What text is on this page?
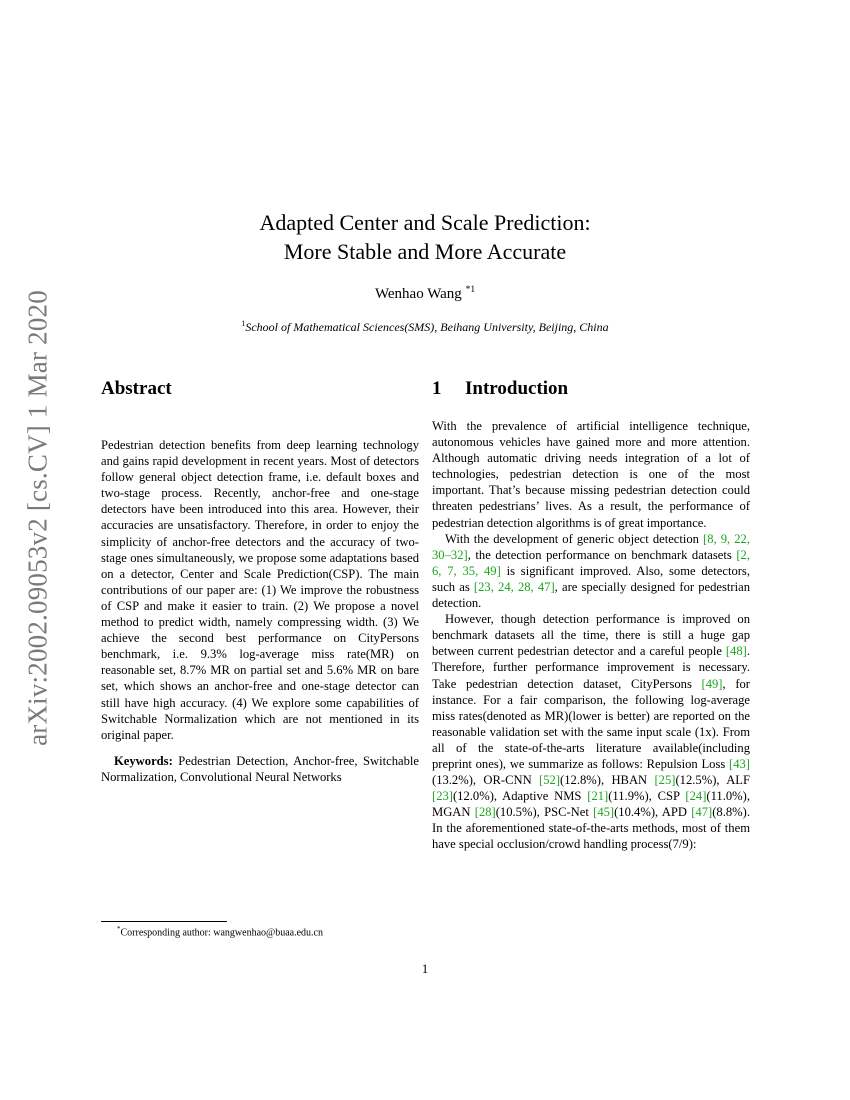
arXiv:2002.09053v2 [cs.CV] 1 Mar 2020
Adapted Center and Scale Prediction:
More Stable and More Accurate
Wenhao Wang $^{*1}$
$^1$School of Mathematical Sciences(SMS), Beihang University, Beijing, China
Abstract	1 Introduction

Pedestrian detection benefits from deep learning technology and gains rapid development in recent years. Most of detectors follow general object detection frame, i.e. default boxes and two-stage process. Recently, anchor-free and one-stage detectors have been introduced into this area. However, their accuracies are unsatisfactory. Therefore, in order to enjoy the simplicity of anchor-free detectors and the accuracy of two-stage ones simultaneously, we propose some adaptations based on a detector, Center and Scale Prediction(CSP). The main contributions of our paper are: (1) We improve the robustness of CSP and make it easier to train. (2) We propose a novel method to predict width, namely compressing width. (3) We achieve the second best performance on CityPersons benchmark, i.e. 9.3% log-average miss rate(MR) on reasonable set, 8.7% MR on partial set and 5.6% MR on bare set, which shows an anchor-free and one-stage detector can still have high accuracy. (4) We explore some capabilities of Switchable Normalization which are not mentioned in its original paper.

Keywords: Pedestrian Detection, Anchor-free, Switchable Normalization, Convolutional Neural Networks

With the prevalence of artificial intelligence technique, autonomous vehicles have gained more and more attention. Although automatic driving needs integration of a lot of technologies, pedestrian detection is one of the most important. That’s because missing pedestrian detection could threaten pedestrians’ lives. As a result, the performance of pedestrian detection algorithms is of great importance.

With the development of generic object detection [8, 9, 22, 30–32], the detection performance on benchmark datasets [2, 6, 7, 35, 49] is significant improved. Also, some detectors, such as [23, 24, 28, 47], are specially designed for pedestrian detection.

However, though detection performance is improved on benchmark datasets all the time, there is still a huge gap between current pedestrian detector and a careful people [48]. Therefore, further performance improvement is necessary. Take pedestrian detection dataset, CityPersons [49], for instance. For a fair comparison, the following log-average miss rates(denoted as MR)(lower is better) are reported on the reasonable validation set with the same input scale (1x). From all of the state-of-the-arts literature available(including preprint ones), we summarize as follows: Repulsion Loss [43](13.2%), OR-CNN [52](12.8%), HBAN [25](12.5%), ALF [23](12.0%), Adaptive NMS [21](11.9%), CSP [24](11.0%), MGAN [28](10.5%), PSC-Net [45](10.4%), APD [47](8.8%). In the aforementioned state-of-the-arts methods, most of them have special occlusion/crowd handling process(7/9):

*Corresponding author: wangwenhao@buaa.edu.cn
1
